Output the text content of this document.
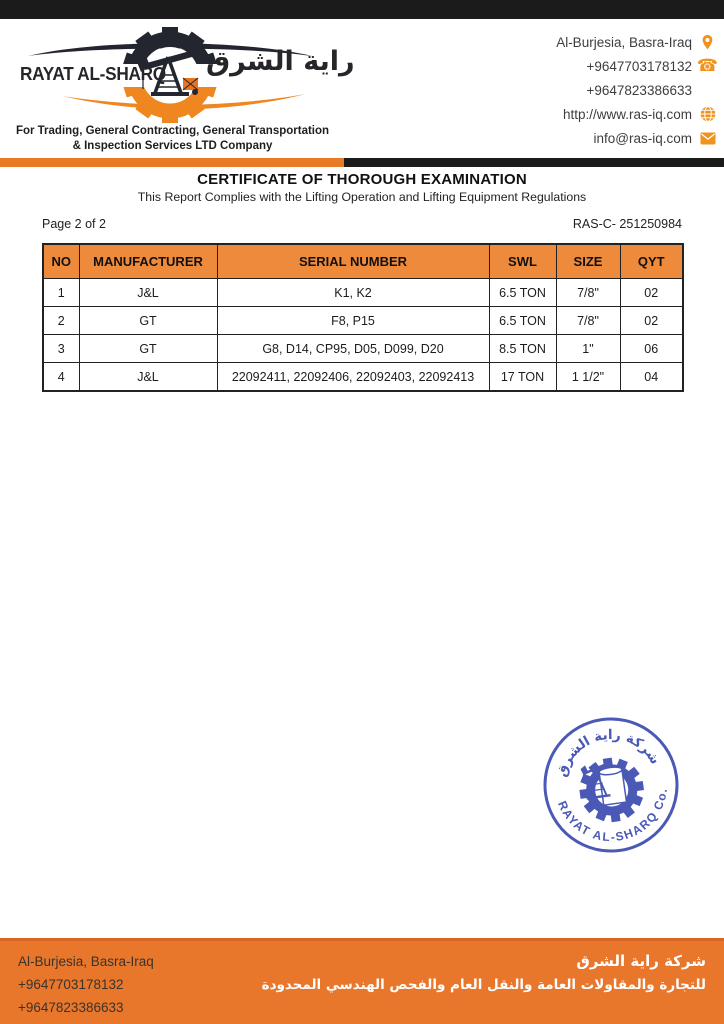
RAYAT AL-SHARQ راية الشرق
For Trading, General Contracting, General Transportation
& Inspection Services LTD Company
Al-Burjesia, Basra-Iraq
+9647703178132 ☎
+9647823386633
http://www.ras-iq.com
info@ras-iq.com
CERTIFICATE OF THOROUGH EXAMINATION
This Report Complies with the Lifting Operation and Lifting Equipment Regulations
Page 2 of 2	RAS-C- 251250984
NO	MANUFACTURER	SERIAL NUMBER	SWL	SIZE	QYT
1	J&L	K1, K2	6.5 TON	7/8"	02
2	GT	F8, P15	6.5 TON	7/8"	02
3	GT	G8, D14, CP95, D05, D099, D20	8.5 TON	1"	06
4	J&L	22092411, 22092406, 22092403, 22092413	17 TON	1 1/2"	04
شركة راية الشرق
RAYAT AL-SHARQ Co.
Al-Burjesia, Basra-Iraq
+9647703178132
+9647823386633
شركة راية الشرق
للتجارة والمقاولات العامة والنقل العام والفحص الهندسي المحدودة
